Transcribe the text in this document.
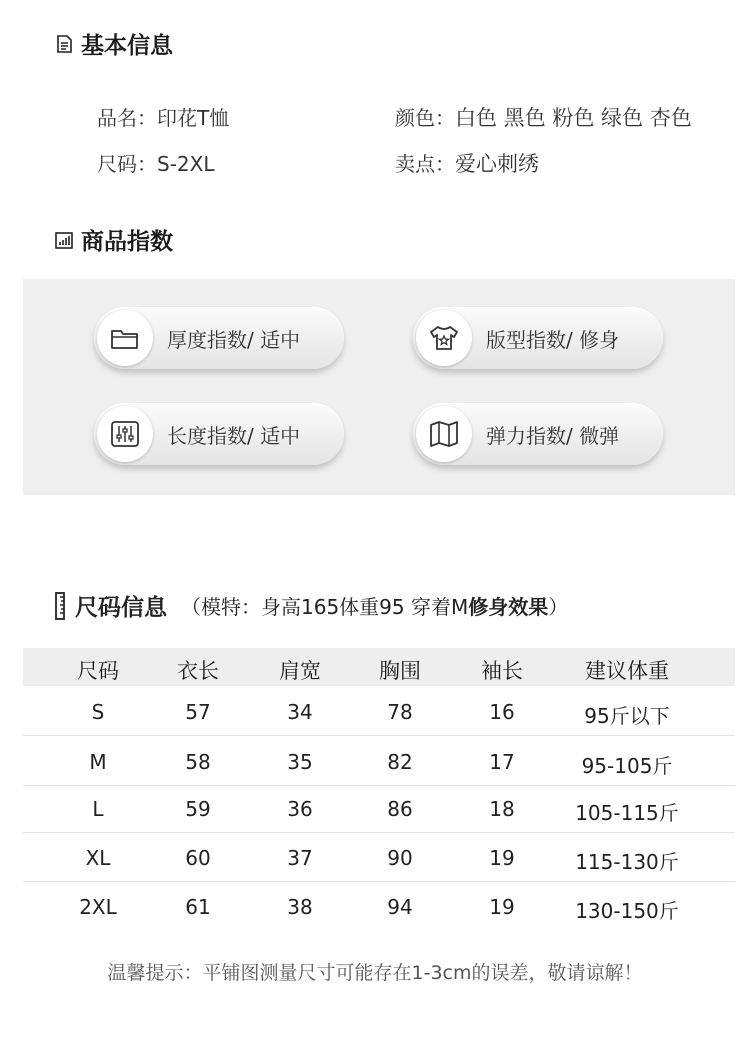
基本信息
品名：印花T恤
尺码：S-2XL
颜色：白色 黑色 粉色 绿色 杏色
卖点：爱心刺绣
商品指数
厚度指数/ 适中	版型指数/ 修身
长度指数/ 适中	弹力指数/ 微弹
尺码信息 （模特：身高165体重95 穿着M 修身效果 ）
尺码	衣长	肩宽	胸围	袖长	建议体重
S	57	34	78	16	95斤以下
M	58	35	82	17	95-105斤
L	59	36	86	18	105-115斤
XL	60	37	90	19	115-130斤
2XL	61	38	94	19	130-150斤
温馨提示：平铺图测量尺寸可能存在1-3cm的误差，敬请谅解！
